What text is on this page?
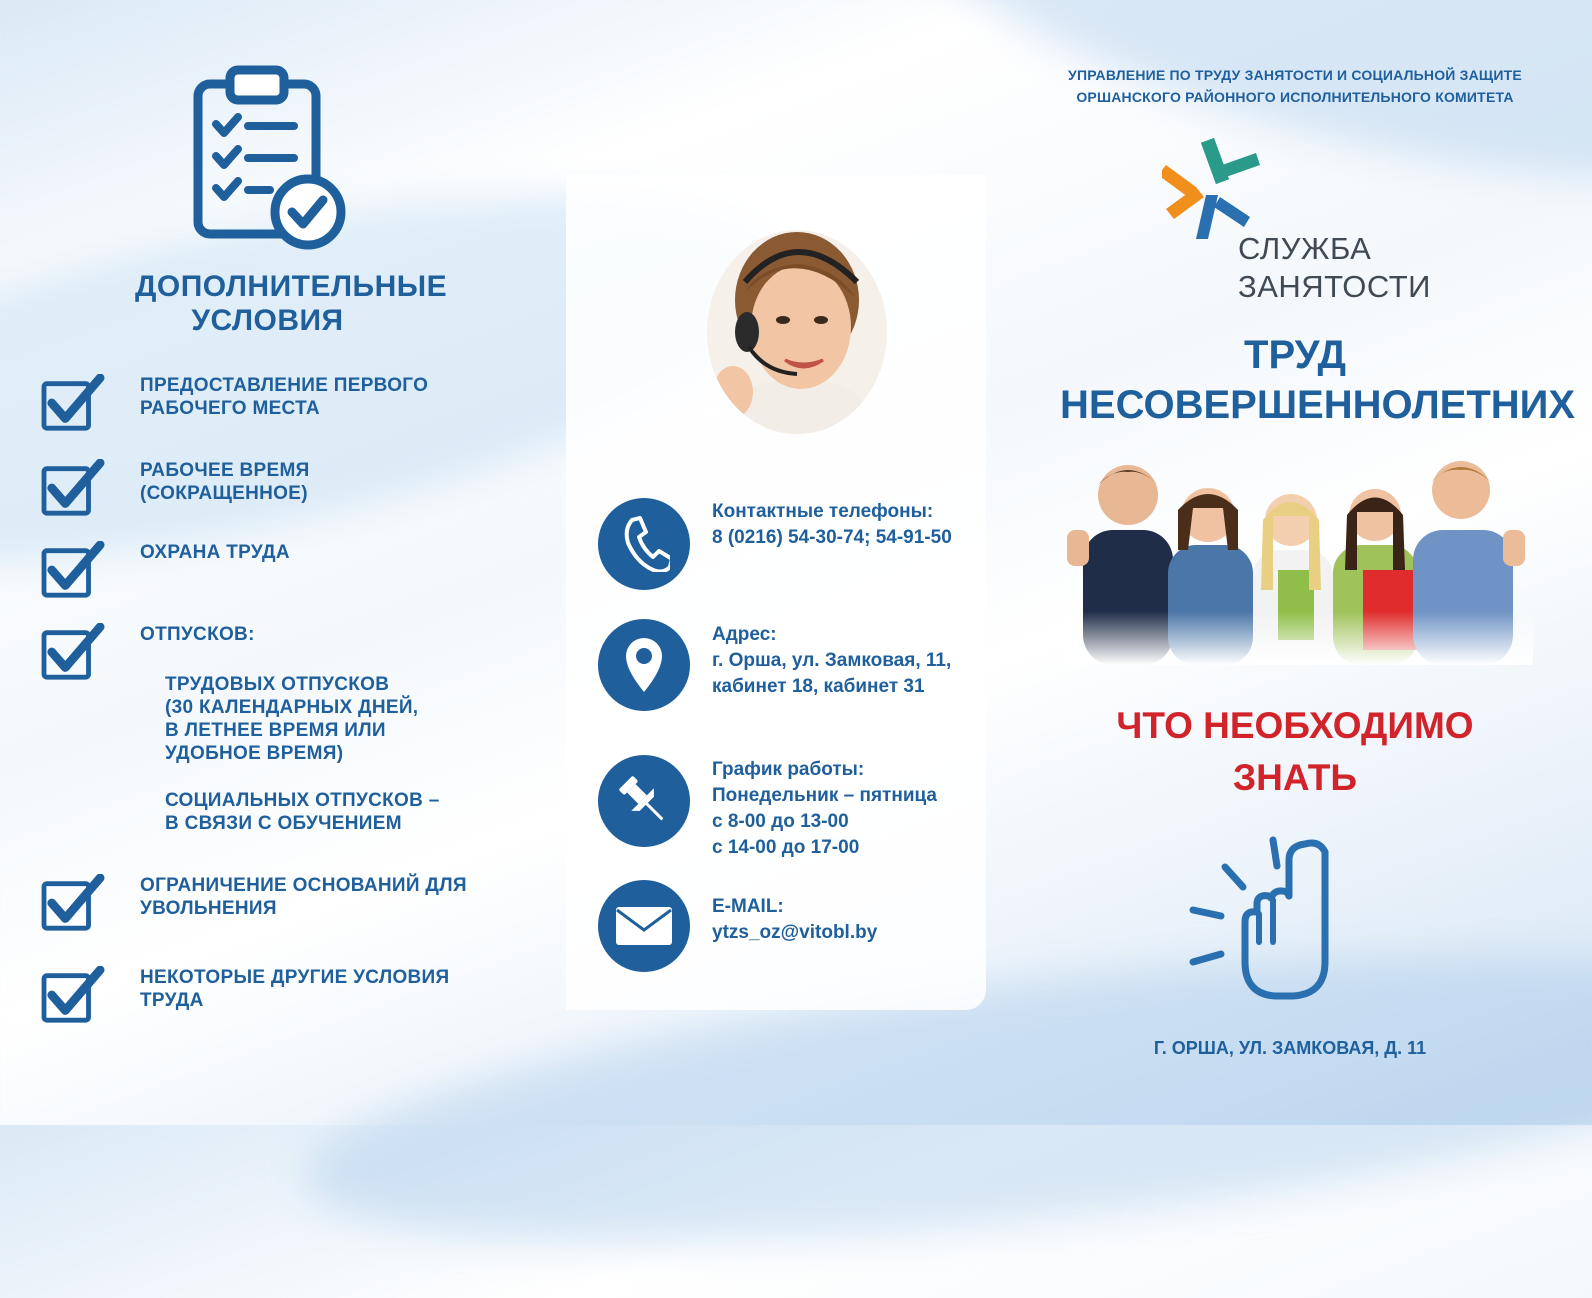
ДОПОЛНИТЕЛЬНЫЕ
УСЛОВИЯ
ПРЕДОСТАВЛЕНИЕ ПЕРВОГО
РАБОЧЕГО МЕСТА
РАБОЧЕЕ ВРЕМЯ
(СОКРАЩЕННОЕ)
ОХРАНА ТРУДА
ОТПУСКОВ:
ТРУДОВЫХ ОТПУСКОВ
(30 КАЛЕНДАРНЫХ ДНЕЙ,
В ЛЕТНЕЕ ВРЕМЯ ИЛИ
УДОБНОЕ ВРЕМЯ)
СОЦИАЛЬНЫХ ОТПУСКОВ –
В СВЯЗИ С ОБУЧЕНИЕМ
ОГРАНИЧЕНИЕ ОСНОВАНИЙ ДЛЯ
УВОЛЬНЕНИЯ
НЕКОТОРЫЕ ДРУГИЕ УСЛОВИЯ
ТРУДА
Контактные телефоны:
8 (0216) 54-30-74; 54-91-50
Адрес:
г. Орша, ул. Замковая, 11,
кабинет 18, кабинет 31
График работы:
Понедельник – пятница
с 8-00 до 13-00
с 14-00 до 17-00
E-MAIL:
ytzs_oz@vitobl.by
УПРАВЛЕНИЕ ПО ТРУДУ ЗАНЯТОСТИ И СОЦИАЛЬНОЙ ЗАЩИТЕ
ОРШАНСКОГО РАЙОННОГО ИСПОЛНИТЕЛЬНОГО КОМИТЕТА
СЛУЖБА
ЗАНЯТОСТИ
ТРУД
НЕСОВЕРШЕННОЛЕТНИХ
ЧТО НЕОБХОДИМО
ЗНАТЬ
Г. ОРША, УЛ. ЗАМКОВАЯ, Д. 11
